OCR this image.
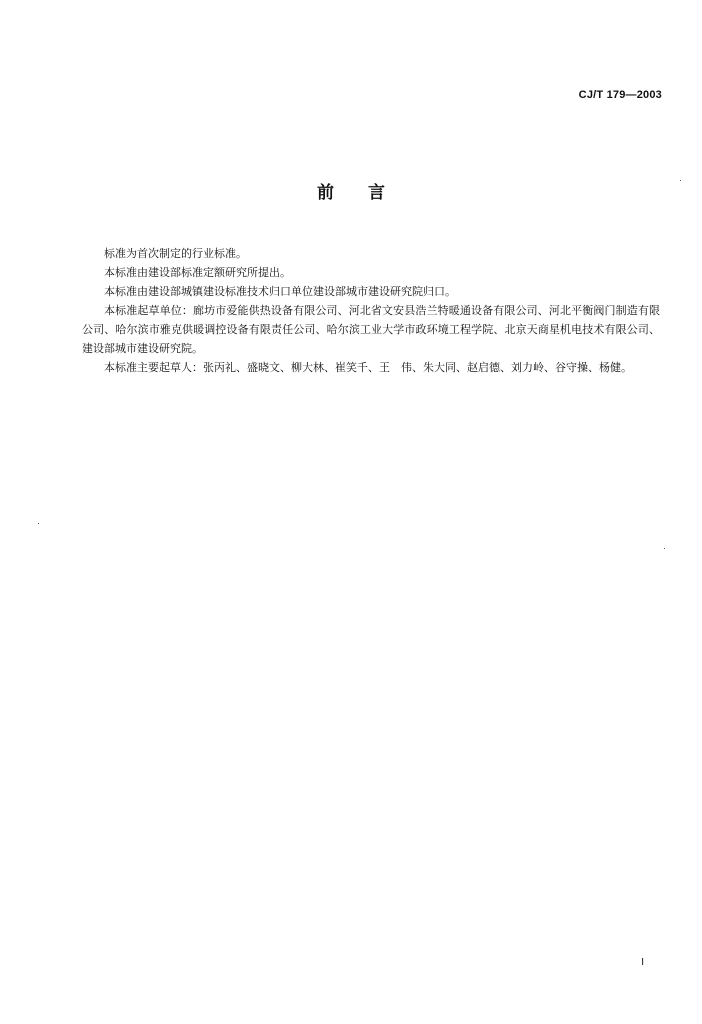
CJ/T 179—2003
前言

标准为首次制定的行业标准。

本标准由建设部标准定额研究所提出。

本标准由建设部城镇建设标准技术归口单位建设部城市建设研究院归口。

本标准起草单位：廊坊市爱能供热设备有限公司、河北省文安县浩兰特暖通设备有限公司、河北平衡阀门制造有限公司、哈尔滨市雅克供暖调控设备有限责任公司、哈尔滨工业大学市政环境工程学院、北京天商星机电技术有限公司、建设部城市建设研究院。

本标准主要起草人：张丙礼、盛晓文、柳大林、崔笑千、王　伟、朱大同、赵启德、刘力岭、谷守操、杨健。

I
